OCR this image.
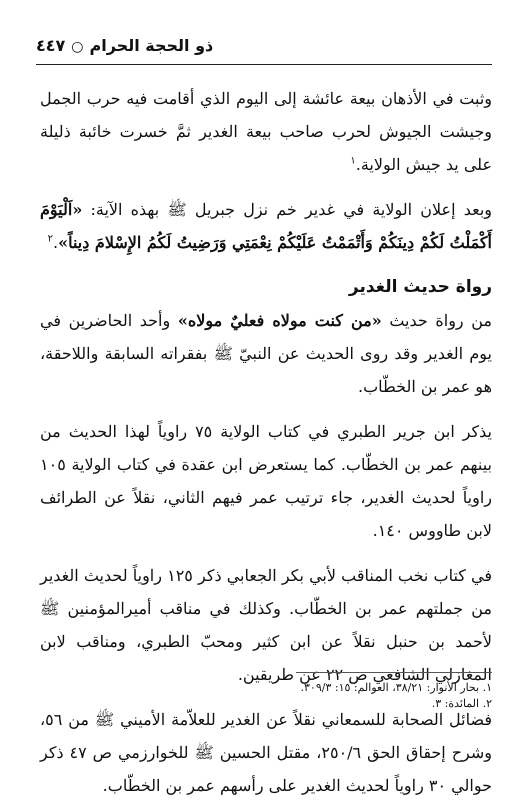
ذو الحجة الحرام○٤٤٧

وثبت في الأذهان بيعة عائشة إلى اليوم الذي أقامت فيه حرب الجمل وجيشت الجيوش لحرب صاحب بيعة الغدير ثمَّ خسرت خائبة ذليلة على يد جيش الولاية.$^١$

وبعد إعلان الولاية في غدير خم نزل جبريل ﷺ بهذه الآية: «اَلْيَوْمَ أَكْمَلْتُ لَكُمْ دِينَكُمْ وَأَتْمَمْتُ عَلَيْكُمْ نِعْمَتِي وَرَضِيتُ لَكُمُ الإِسْلامَ دِيناً».$^٢$

رواة حديث الغدير

من رواة حديث «من كنت مولاه فعليٌ مولاه» وأحد الحاضرين في يوم الغدير وقد روى الحديث عن النبيّ ﷺ بفقراته السابقة واللاحقة، هو عمر بن الخطّاب.

يذكر ابن جرير الطبري في كتاب الولاية ٧٥ راوياً لهذا الحديث من بينهم عمر بن الخطّاب. كما يستعرض ابن عقدة في كتاب الولاية ١٠٥ راوياً لحديث الغدير، جاء ترتيب عمر فيهم الثاني، نقلاً عن الطرائف لابن طاووس ١٤٠.

في كتاب نخب المناقب لأبي بكر الجعابي ذكر ١٢٥ راوياً لحديث الغدير من جملتهم عمر بن الخطّاب. وكذلك في مناقب أميرالمؤمنين ﷺ لأحمد بن حنبل نقلاً عن ابن كثير ومحبّ الطبري، ومناقب لابن المغازلي الشافعي ص ٢٢ عن طريقين.

فضائل الصحابة للسمعاني نقلاً عن الغدير للعلاّمة الأميني ﷺ من ٥٦، وشرح إحقاق الحق ٢٥٠/٦، مقتل الحسين ﷺ للخوارزمي ص ٤٧ ذكر حوالي ٣٠ راوياً لحديث الغدير على رأسهم عمر بن الخطّاب.

١. بحار الأنوار: ٣٨/٢١، العوالم: ١٥: ٣٠٩/٣.

٢. المائدة: ٣.
